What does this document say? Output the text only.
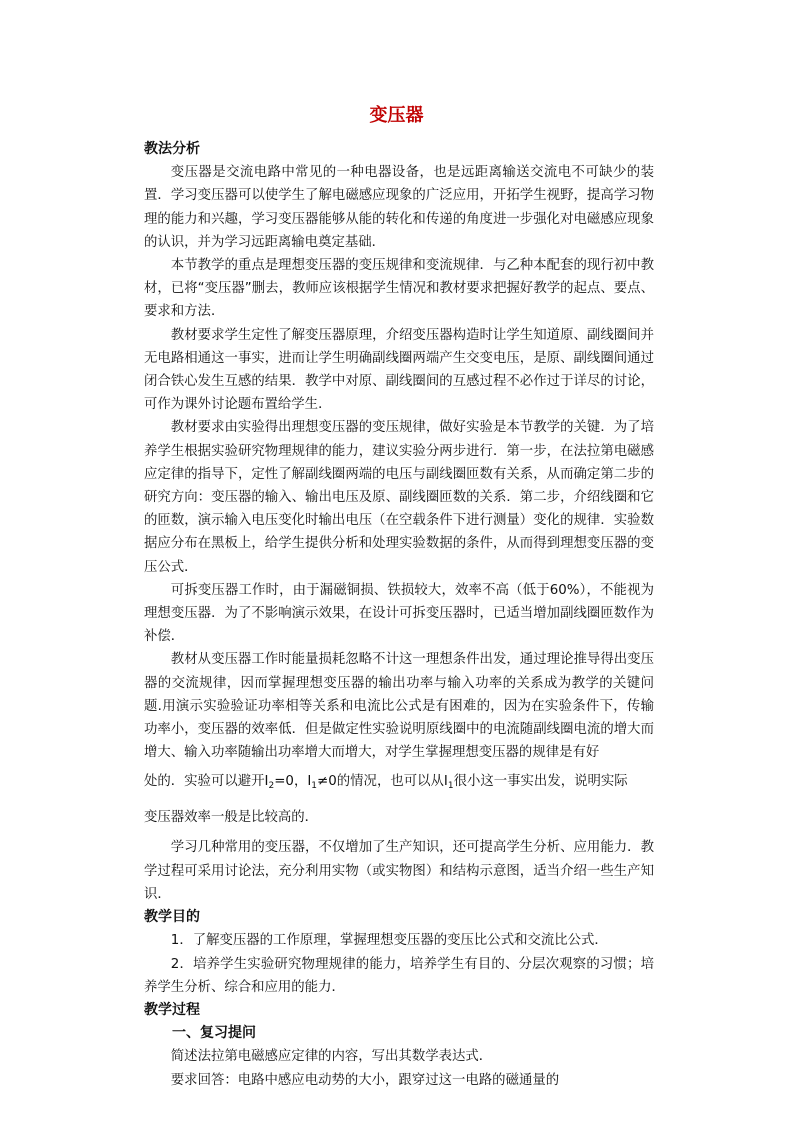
变压器

教法分析

变压器是交流电路中常见的一种电器设备，也是远距离输送交流电不可缺少的装置．学习变压器可以使学生了解电磁感应现象的广泛应用，开拓学生视野，提高学习物理的能力和兴趣，学习变压器能够从能的转化和传递的角度进一步强化对电磁感应现象的认识，并为学习远距离输电奠定基础．

本节教学的重点是理想变压器的变压规律和变流规律．与乙种本配套的现行初中教材，已将“变压器”删去，教师应该根据学生情况和教材要求把握好教学的起点、要点、要求和方法．

教材要求学生定性了解变压器原理，介绍变压器构造时让学生知道原、副线圈间并无电路相通这一事实，进而让学生明确副线圈两端产生交变电压，是原、副线圈间通过闭合铁心发生互感的结果．教学中对原、副线圈间的互感过程不必作过于详尽的讨论，可作为课外讨论题布置给学生．

教材要求由实验得出理想变压器的变压规律，做好实验是本节教学的关键．为了培养学生根据实验研究物理规律的能力，建议实验分两步进行．第一步，在法拉第电磁感应定律的指导下，定性了解副线圈两端的电压与副线圈匝数有关系，从而确定第二步的研究方向：变压器的输入、输出电压及原、副线圈匝数的关系．第二步，介绍线圈和它的匝数，演示输入电压变化时输出电压（在空载条件下进行测量）变化的规律．实验数据应分布在黑板上，给学生提供分析和处理实验数据的条件，从而得到理想变压器的变压公式．

可拆变压器工作时，由于漏磁铜损、铁损较大，效率不高（低于60%），不能视为理想变压器．为了不影响演示效果，在设计可拆变压器时，已适当增加副线圈匝数作为补偿．

教材从变压器工作时能量损耗忽略不计这一理想条件出发，通过理论推导得出变压器的交流规律，因而掌握理想变压器的输出功率与输入功率的关系成为教学的关键问题.用演示实验验证功率相等关系和电流比公式是有困难的，因为在实验条件下，传输功率小，变压器的效率低．但是做定性实验说明原线圈中的电流随副线圈电流的增大而增大、输入功率随输出功率增大而增大，对学生掌握理想变压器的规律是有好

处的．实验可以避开$I_2=0$，$I_1\ne 0$的情况，也可以从$I_1$很小这一事实出发，说明实际

变压器效率一般是比较高的．

学习几种常用的变压器，不仅增加了生产知识，还可提高学生分析、应用能力．教学过程可采用讨论法，充分利用实物（或实物图）和结构示意图，适当介绍一些生产知识．

教学目的

1．了解变压器的工作原理，掌握理想变压器的变压比公式和交流比公式．

2．培养学生实验研究物理规律的能力，培养学生有目的、分层次观察的习惯；培养学生分析、综合和应用的能力．

教学过程

一、复习提问

简述法拉第电磁感应定律的内容，写出其数学表达式．

要求回答：电路中感应电动势的大小，跟穿过这一电路的磁通量的
